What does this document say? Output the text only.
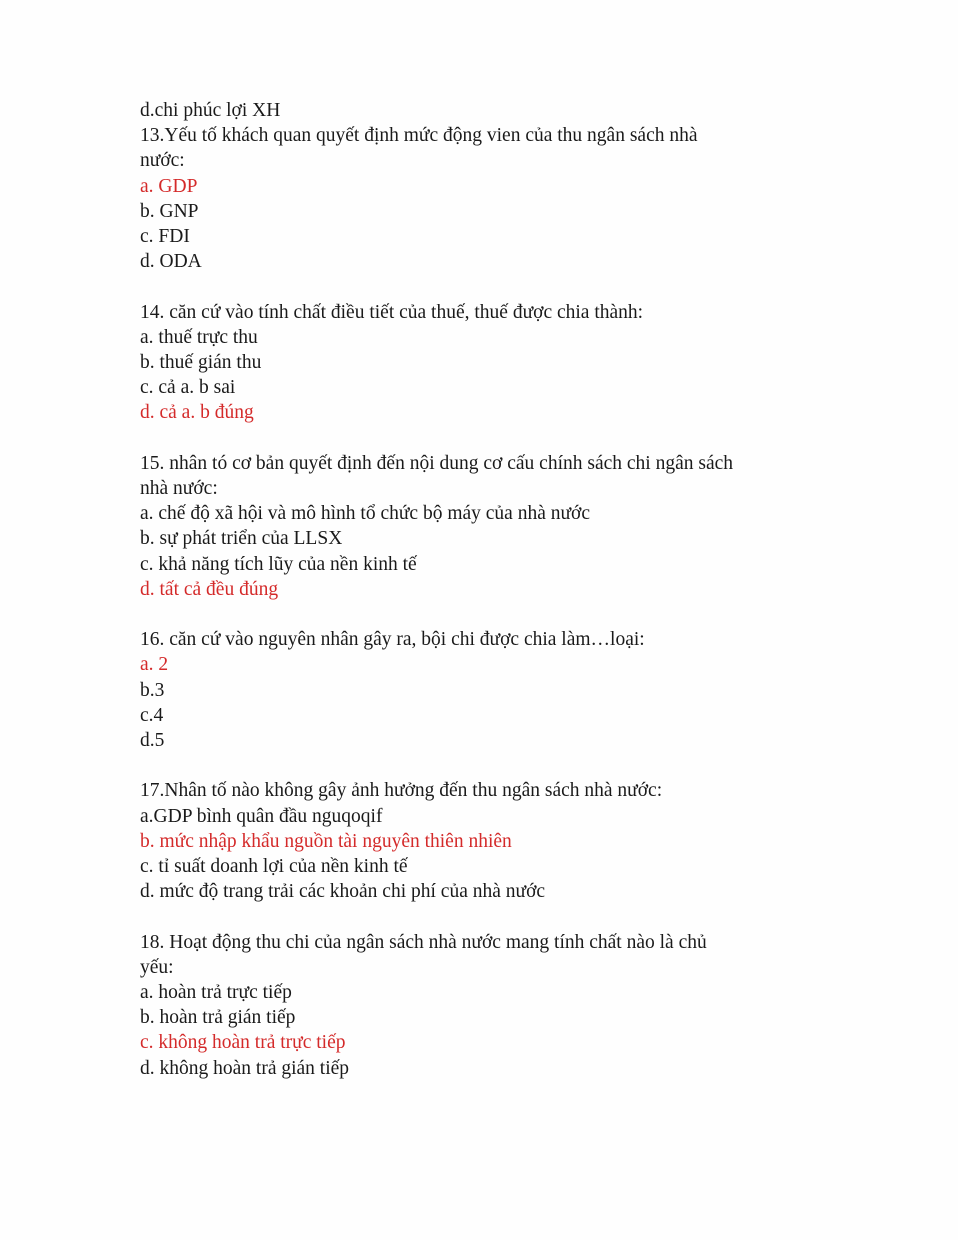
d.chi phúc lợi XH

13.Yếu tố khách quan quyết định mức động vien của thu ngân sách nhà

nước:

a. GDP

b. GNP

c. FDI

d. ODA

14. căn cứ vào tính chất điều tiết của thuế, thuế được chia thành:

a. thuế trực thu

b. thuế gián thu

c. cả a. b sai

d. cả a. b đúng

15. nhân tó cơ bản quyết định đến nội dung cơ cấu chính sách chi ngân sách

nhà nước:

a. chế độ xã hội và mô hình tổ chức bộ máy của nhà nước

b. sự phát triển của LLSX

c. khả năng tích lũy của nền kinh tế

d. tất cả đều đúng

16. căn cứ vào nguyên nhân gây ra, bội chi được chia làm…loại:

a. 2

b.3

c.4

d.5

17.Nhân tố nào không gây ảnh hưởng đến thu ngân sách nhà nước:

a.GDP bình quân đầu nguqoqif

b. mức nhập khẩu nguồn tài nguyên thiên nhiên

c. tỉ suất doanh lợi của nền kinh tế

d. mức độ trang trải các khoản chi phí của nhà nước

18. Hoạt động thu chi của ngân sách nhà nước mang tính chất nào là chủ

yếu:

a. hoàn trả trực tiếp

b. hoàn trả gián tiếp

c. không hoàn trả trực tiếp

d. không hoàn trả gián tiếp
